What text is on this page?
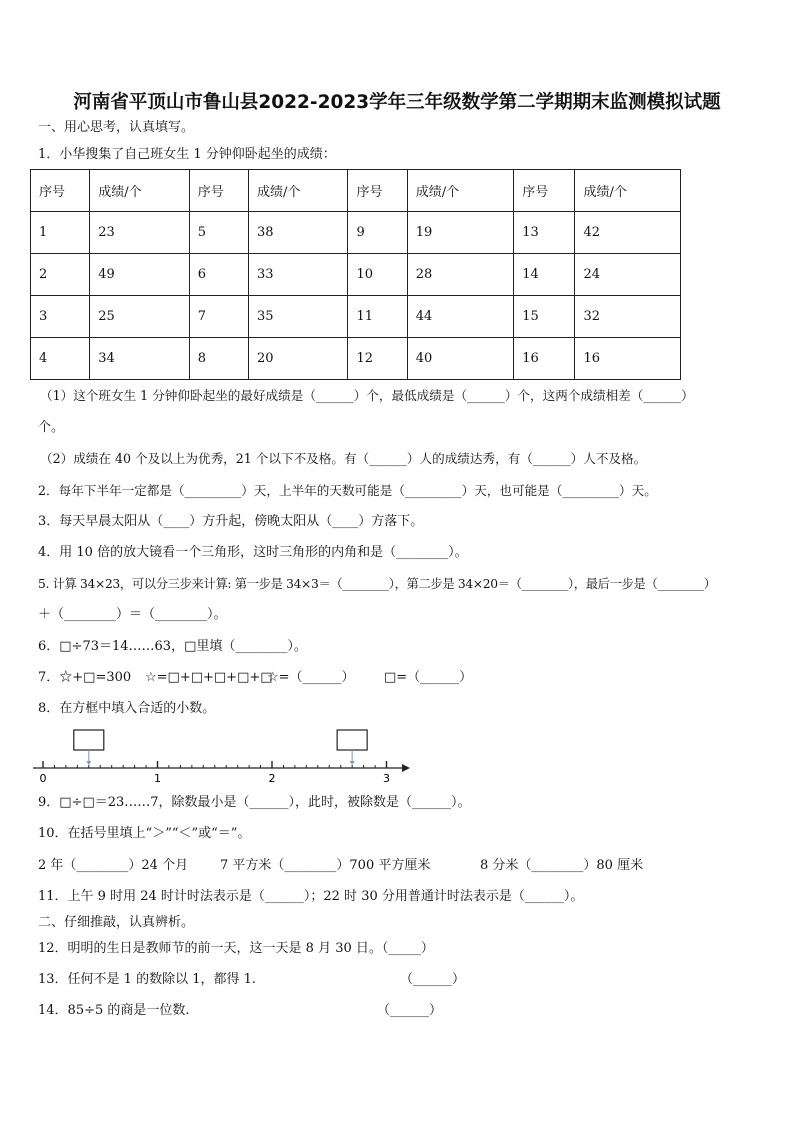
河南省平顶山市鲁山县2022-2023学年三年级数学第二学期期末监测模拟试题
一、用心思考，认真填写。
1．小华搜集了自己班女生 1 分钟仰卧起坐的成绩：
序号	成绩/个	序号	成绩/个	序号	成绩/个	序号	成绩/个
1	23	5	38	9	19	13	42
2	49	6	33	10	28	14	24
3	25	7	35	11	44	15	32
4	34	8	20	12	40	16	16
（1）这个班女生 1 分钟仰卧起坐的最好成绩是（______）个，最低成绩是（______）个，这两个成绩相差（______）
个。
（2）成绩在 40 个及以上为优秀，21 个以下不及格。有（______）人的成绩达秀，有（______）人不及格。
2．每年下半年一定都是（_________）天，上半年的天数可能是（_________）天，也可能是（_________）天。
3．每天早晨太阳从（____）方升起，傍晚太阳从（____）方落下。
4．用 10 倍的放大镜看一个三角形，这时三角形的内角和是（________）。
5. 计算 34×23，可以分三步来计算: 第一步是 34×3＝（________），第二步是 34×20＝（________），最后一步是（________）
＋（________）＝（________）。
6．□÷73＝14……63，□里填（________）。
7．☆+□=300 ☆=□+□+□+□+□
☆=（______） □=（______）
8．在方框中填入合适的小数。
0	1	2	3
9．□÷□＝23……7，除数最小是（______），此时，被除数是（______）。
10．在括号里填上“＞”“＜”或“＝”。
2 年（________）24 个月 7 平方米（________）700 平方厘米	8 分米（________）80 厘米
11．上午 9 时用 24 时计时法表示是（______）；22 时 30 分用普通计时法表示是（______）。
二、仔细推敲，认真辨析。
12．明明的生日是教师节的前一天，这一天是 8 月 30 日。（_____）
13．任何不是 1 的数除以 1，都得 1.	（______）
14．85÷5 的商是一位数.	（______）
